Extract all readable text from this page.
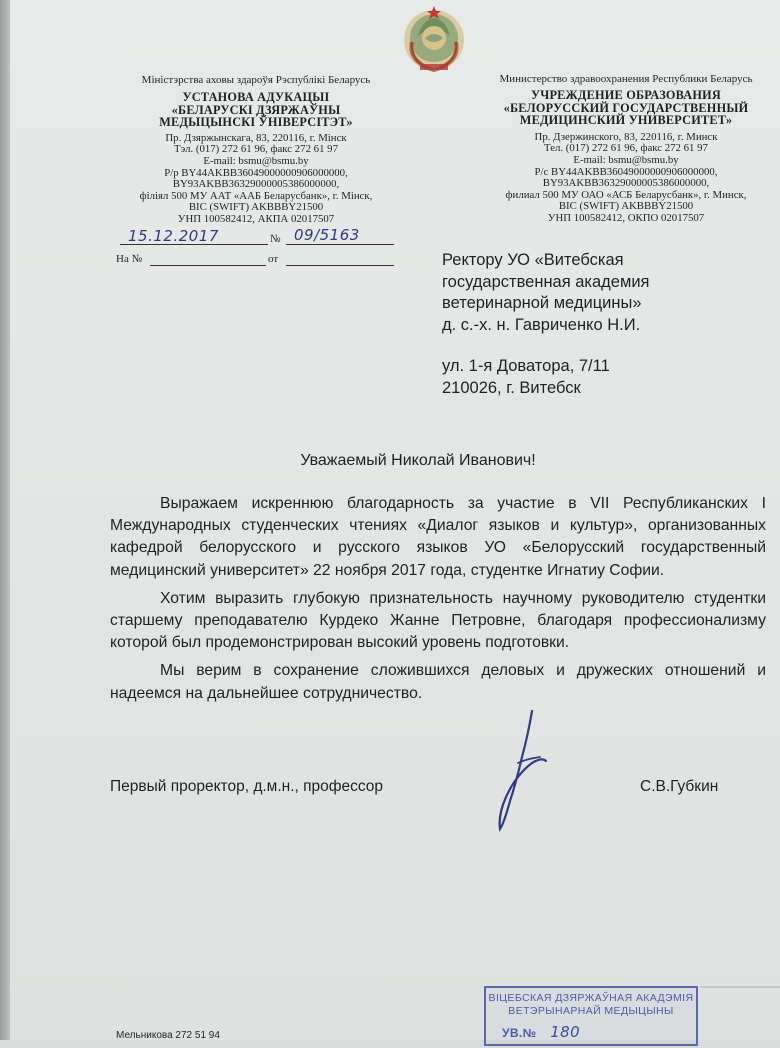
Міністэрства аховы здароўя Рэспублікі Беларусь
УСТАНОВА АДУКАЦЫІ
«БЕЛАРУСКІ ДЗЯРЖАЎНЫ
МЕДЫЦЫНСКІ ЎНІВЕРСІТЭТ»
Пр. Дзяржынскага, 83, 220116, г. Мінск
Тэл. (017) 272 61 96, факс 272 61 97
E-mail: bsmu@bsmu.by
Р/р BY44AKBB36049000000906000000,
BY93AKBB36329000005386000000,
філіял 500 МУ ААТ «ААБ Беларусбанк», г. Мінск,
BIC (SWIFT) AKBBBY21500
УНП 100582412, АКПА 02017507
Министерство здравоохранения Республики Беларусь
УЧРЕЖДЕНИЕ ОБРАЗОВАНИЯ
«БЕЛОРУССКИЙ ГОСУДАРСТВЕННЫЙ
МЕДИЦИНСКИЙ УНИВЕРСИТЕТ»
Пр. Дзержинского, 83, 220116, г. Минск
Тел. (017) 272 61 96, факс 272 61 97
E-mail: bsmu@bsmu.by
Р/с BY44AKBB36049000000906000000,
BY93AKBB36329000005386000000,
филиал 500 МУ ОАО «АСБ Беларусбанк», г. Минск,
BIC (SWIFT) AKBBBY21500
УНП 100582412, ОКПО 02017507
15.12.2017	№ 09/5163
На №	от	Ректору УО «Витебская
государственная академия
ветеринарной медицины»
д. с.-х. н. Гавриченко Н.И.
ул. 1-я Доватора, 7/11
210026, г. Витебск
Уважаемый Николай Иванович!

Выражаем искреннюю благодарность за участие в VII Республиканских I Международных студенческих чтениях «Диалог языков и культур», организованных кафедрой белорусского и русского языков УО «Белорусский государственный медицинский университет» 22 ноября 2017 года, студентке Игнатиу Софии.

Хотим выразить глубокую признательность научному руководителю студентки старшему преподавателю Курдеко Жанне Петровне, благодаря профессионализму которой был продемонстрирован высокий уровень подготовки.

Мы верим в сохранение сложившихся деловых и дружеских отношений и надеемся на дальнейшее сотрудничество.

Первый проректор, д.м.н., профессор	С.В.Губкин
ВІЦЕБСКАЯ ДЗЯРЖАЎНАЯ АКАДЭМІЯ
ВЕТЭРЫНАРНАЙ МЕДЫЦЫНЫ
УВ.№ 180
Мельникова 272 51 94
